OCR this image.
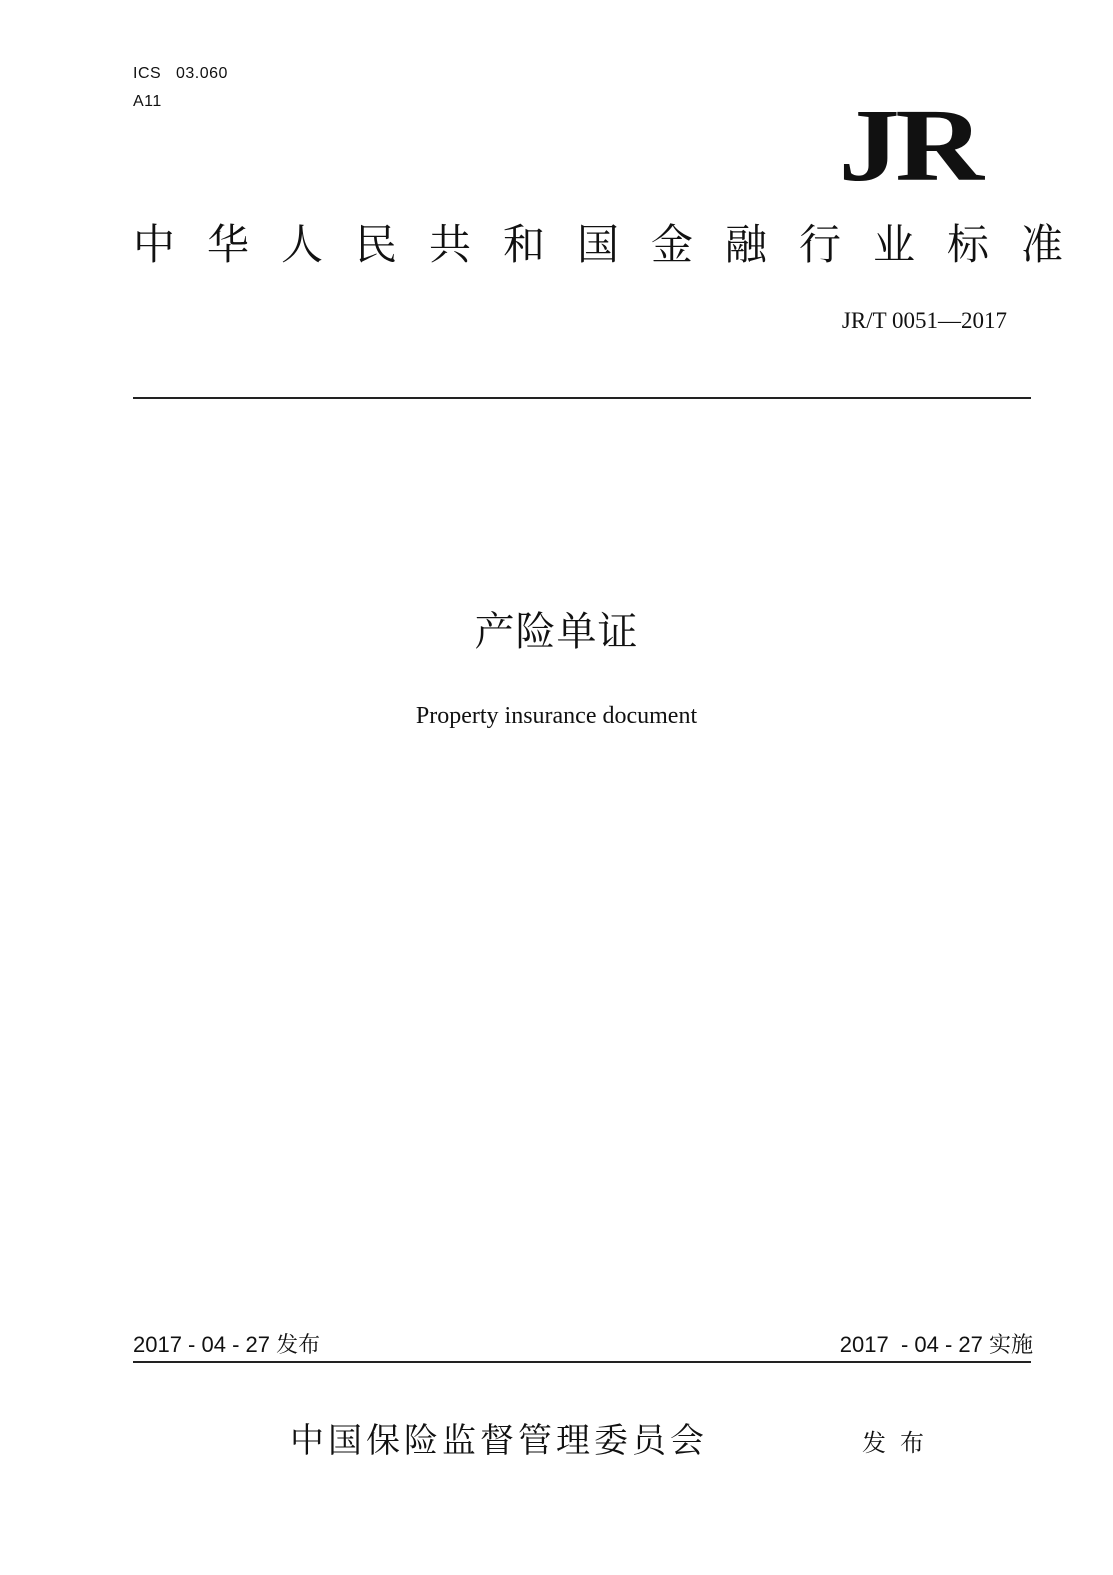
ICS   03.060
A11	JR
中华人民共和国金融行业标准
JR/T 0051—2017
产险单证
Property insurance document
2017 - 04 - 27 发布	2017  - 04 - 27 实施
中国保险监督管理委员会	发布
